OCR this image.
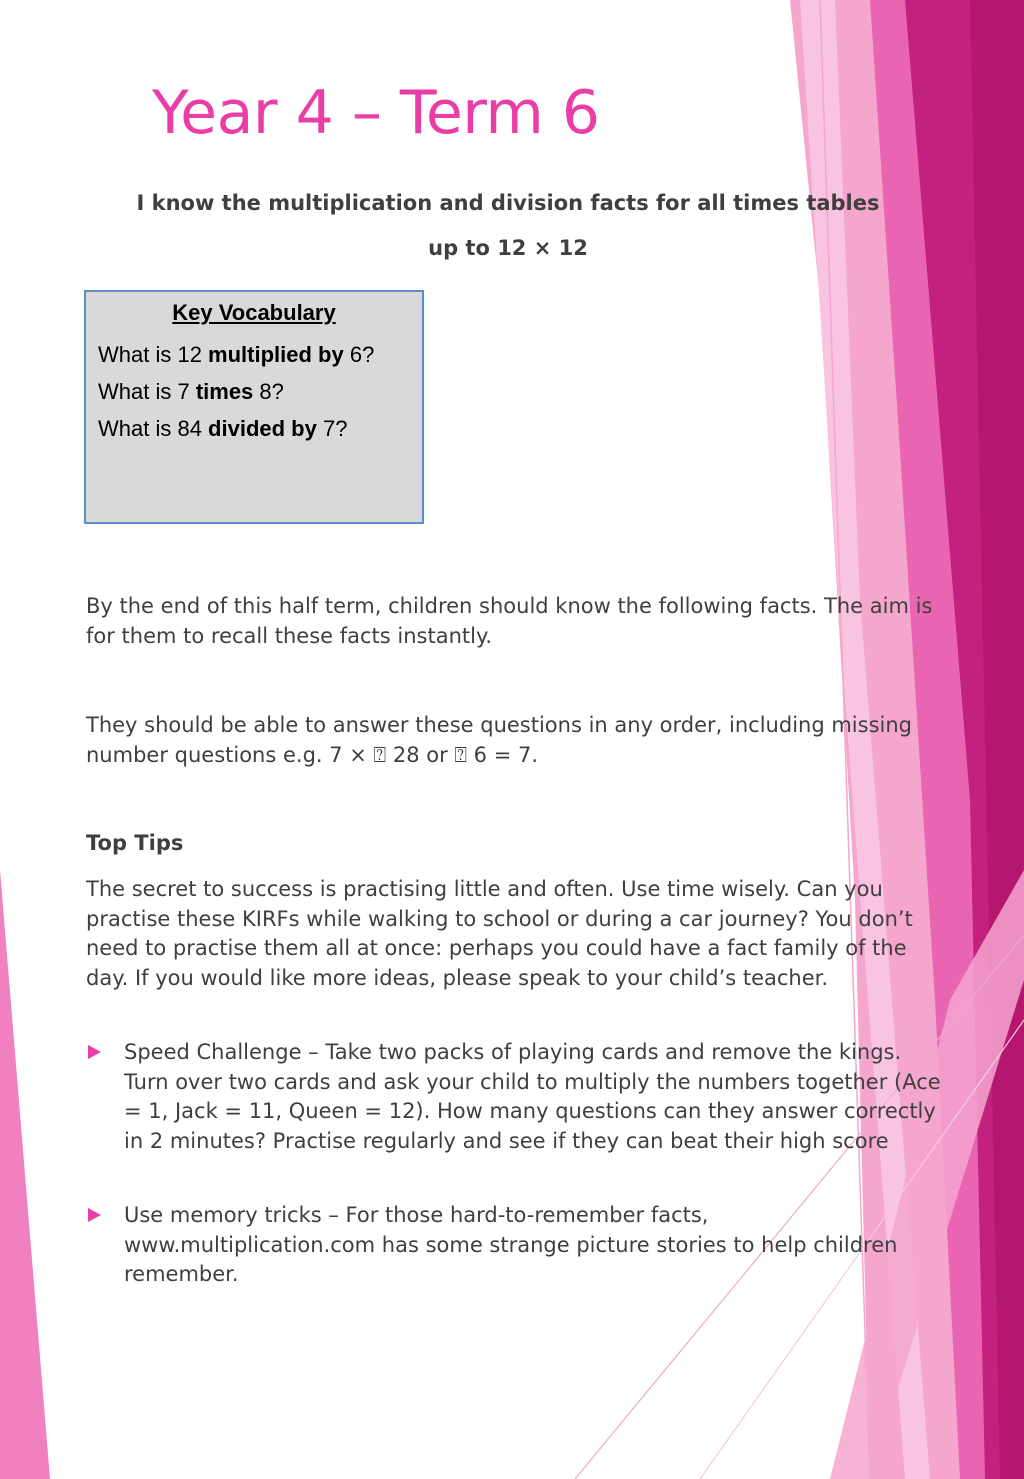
Year 4 – Term 6

I know the multiplication and division facts for all times tables

up to 12 × 12

Key Vocabulary
What is 12 multiplied by 6?
What is 7 times 8?
What is 84 divided by 7?

By the end of this half term, children should know the following facts. The aim is for them to recall these facts instantly.

They should be able to answer these questions in any order, including missing number questions e.g. 7 × ⍰ 28 or ⍰ 6 = 7.

Top Tips

The secret to success is practising little and often. Use time wisely. Can you practise these KIRFs while walking to school or during a car journey? You don’t need to practise them all at once: perhaps you could have a fact family of the day. If you would like more ideas, please speak to your child’s teacher.

Speed Challenge – Take two packs of playing cards and remove the kings. Turn over two cards and ask your child to multiply the numbers together (Ace = 1, Jack = 11, Queen = 12). How many questions can they answer correctly in 2 minutes? Practise regularly and see if they can beat their high score

Use memory tricks – For those hard-to-remember facts, www.multiplication.com has some strange picture stories to help children remember.
